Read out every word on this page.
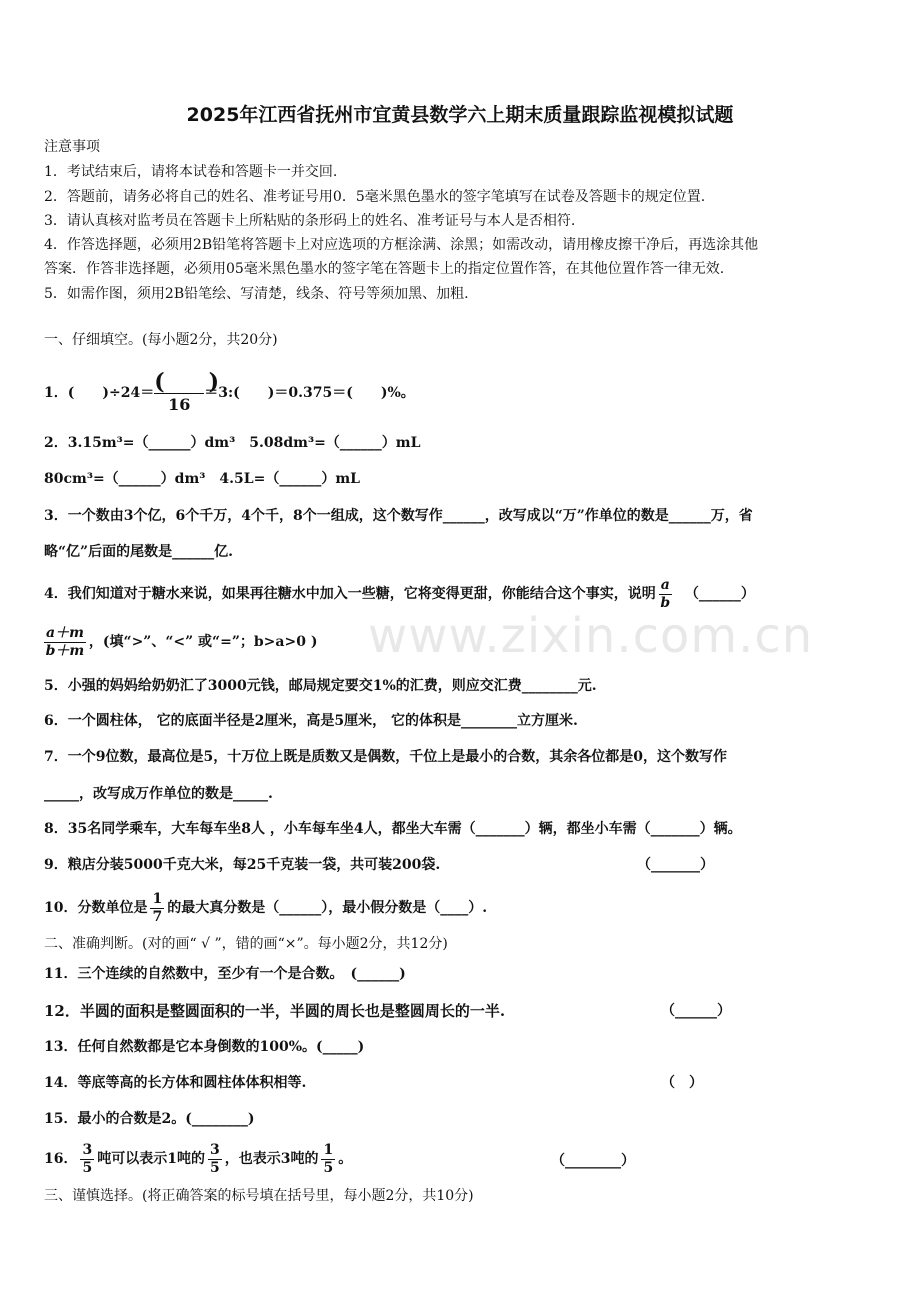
2025年江西省抚州市宜黄县数学六上期末质量跟踪监视模拟试题
注意事项
1．考试结束后，请将本试卷和答题卡一并交回.
2．答题前，请务必将自己的姓名、准考证号用0．5毫米黑色墨水的签字笔填写在试卷及答题卡的规定位置.
3．请认真核对监考员在答题卡上所粘贴的条形码上的姓名、准考证号与本人是否相符.
4．作答选择题，必须用2B铅笔将答题卡上对应选项的方框涂满、涂黑；如需改动，请用橡皮擦干净后，再选涂其他
答案．作答非选择题，必须用05毫米黑色墨水的签字笔在答题卡上的指定位置作答，在其他位置作答一律无效.
5．如需作图，须用2B铅笔绘、写清楚，线条、符号等须加黑、加粗.
一、仔细填空。(每小题2分，共20分)
1．(　　)$\div 24= \frac{( )}{16}$ ＝3:(　　)＝0.375＝(　　)%。
2．3.15m³=（______）dm³　5.08dm³=（______）mL
80cm³=（______）dm³　4.5L=（______）mL
3．一个数由3个亿，6个千万，4个千，8个一组成，这个数写作______，改写成以“万”作单位的数是______万，省
略“亿”后面的尾数是______亿.
4．我们知道对于糖水来说，如果再往糖水中加入一些糖，它将变得更甜，你能结合这个事实，说明 $\frac{a}{b}$ （______）
$\frac{a+m}{b+m}$ ，(填“>”、“<” 或“=”；b>a>0 )
5．小强的妈妈给奶奶汇了3000元钱，邮局规定要交1%的汇费，则应交汇费________元.
6．一个圆柱体， 它的底面半径是2厘米，高是5厘米， 它的体积是________立方厘米.
7．一个9位数，最高位是5，十万位上既是质数又是偶数，千位上是最小的合数，其余各位都是0，这个数写作
_____，改写成万作单位的数是_____.
8．35名同学乘车，大车每车坐8人 ，小车每车坐4人，都坐大车需（_______）辆，都坐小车需（_______）辆。
9．粮店分装5000千克大米，每25千克装一袋，共可装200袋.	（_______）
10．分数单位是 $\frac{1}{7}$ 的最大真分数是（______），最小假分数是（____）.
二、准确判断。(对的画“ √ ”，错的画“×”。每小题2分，共12分)
11．三个连续的自然数中，至少有一个是合数。　(______)
12．半圆的面积是整圆面积的一半，半圆的周长也是整圆周长的一半.	（______）
13．任何自然数都是它本身倒数的100%。(_____)
14．等底等高的长方体和圆柱体体积相等.	（　）
15．最小的合数是2。(________)
16． $\frac{3}{5}$ 吨可以表示1吨的 $\frac{3}{5}$ ，也表示3吨的 $\frac{1}{5}$ 。	（________）
三、谨慎选择。(将正确答案的标号填在括号里，每小题2分，共10分)
www.zixin.com.cn
